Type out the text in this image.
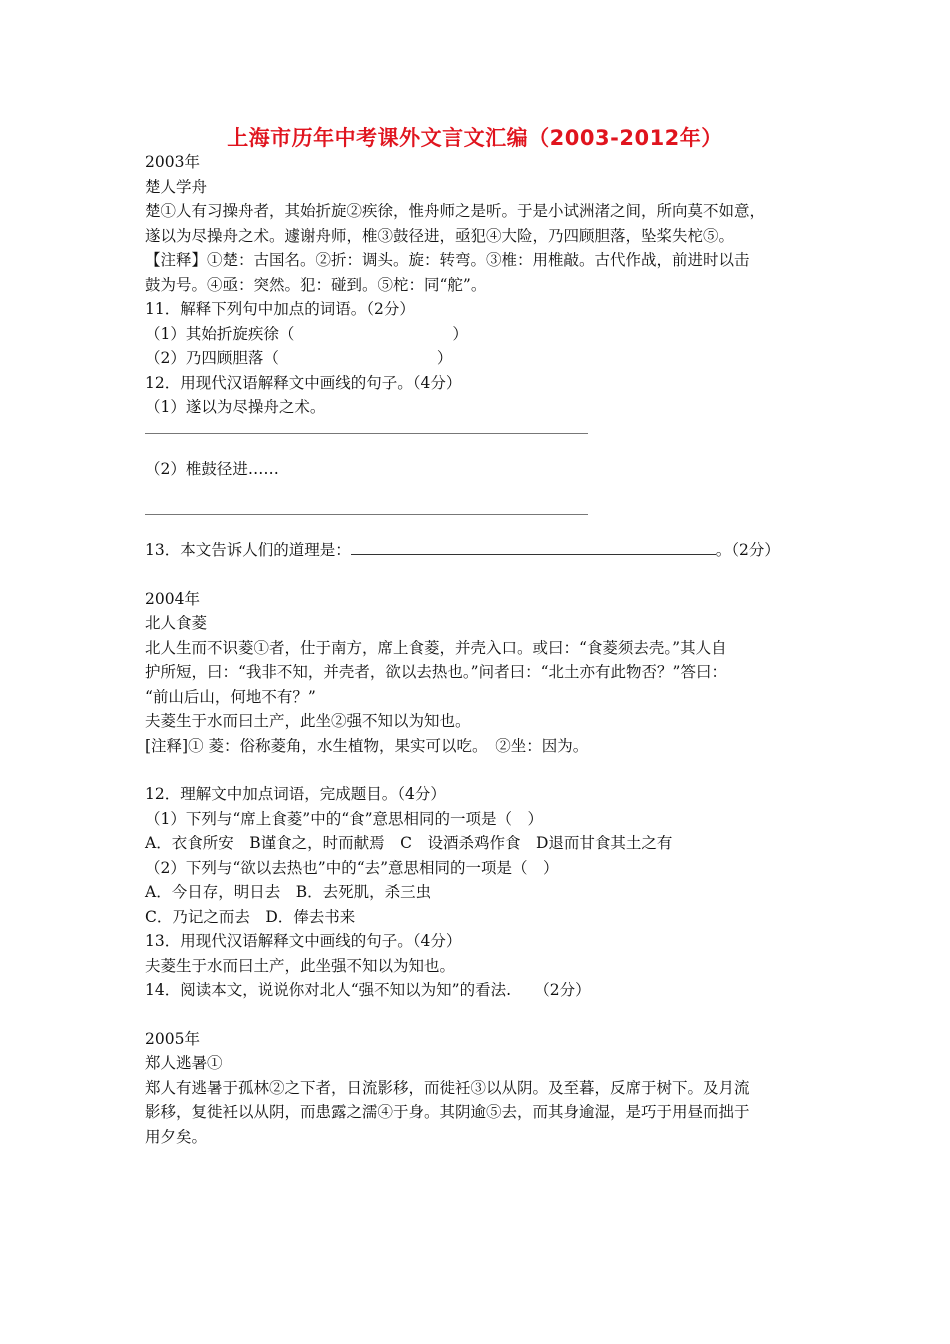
上海市历年中考课外文言文汇编（2003-2012年）
2003年
楚人学舟
楚①人有习操舟者，其始折旋②疾徐，惟舟师之是听。于是小试洲渚之间，所向莫不如意，
遂以为尽操舟之术。遽谢舟师，椎③鼓径进，亟犯④大险，乃四顾胆落，坠桨失柁⑤。
【注释】①楚：古国名。②折：调头。旋：转弯。③椎：用椎敲。古代作战，前进时以击
鼓为号。④亟：突然。犯：碰到。⑤柁：同“舵”。
11．解释下列句中加点的词语。（2分）
（1）其始折旋疾徐（	）
（2）乃四顾胆落（	）
12．用现代汉语解释文中画线的句子。（4分）
（1）遂以为尽操舟之术。
（2）椎鼓径进……
13．本文告诉人们的道理是：	。（2分）
2004年
北人食菱
北人生而不识菱①者，仕于南方，席上食菱，并壳入口。或曰：“食菱须去壳。”其人自
护所短，曰：“我非不知，并壳者，欲以去热也。”问者曰：“北土亦有此物否？”答曰：
“前山后山，何地不有？”
夫菱生于水而曰土产，此坐②强不知以为知也。
[注释]① 菱：俗称菱角，水生植物，果实可以吃。　②坐：因为。
12．理解文中加点词语，完成题目。（4分）
（1）下列与“席上食菱”中的“食”意思相同的一项是（　）
A．衣食所安　B谨食之，时而献焉　C　设酒杀鸡作食　D退而甘食其土之有
（2）下列与“欲以去热也”中的“去”意思相同的一项是（　）
A．今日存，明日去　B．去死肌，杀三虫
C．乃记之而去　D．俸去书来
13．用现代汉语解释文中画线的句子。（4分）
夫菱生于水而曰土产，此坐强不知以为知也。
14．阅读本文，说说你对北人“强不知以为知”的看法.　　（2分）
2005年
郑人逃暑①
郑人有逃暑于孤林②之下者，日流影移，而徙衽③以从阴。及至暮，反席于树下。及月流
影移，复徙衽以从阴，而患露之濡④于身。其阴逾⑤去，而其身逾湿，是巧于用昼而拙于
用夕矣。
